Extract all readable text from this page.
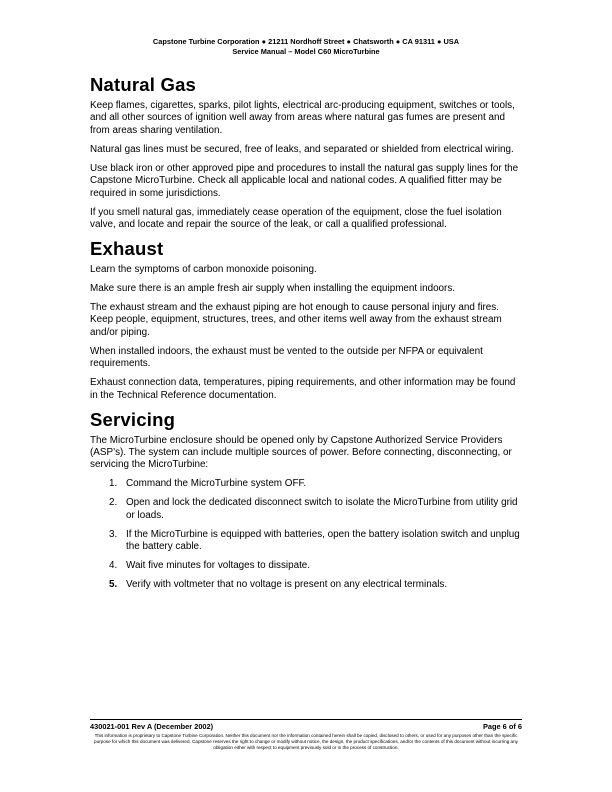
Capstone Turbine Corporation ● 21211 Nordhoff Street ● Chatsworth ● CA 91311 ● USA
Service Manual – Model C60 MicroTurbine
Natural Gas

Keep flames, cigarettes, sparks, pilot lights, electrical arc-producing equipment, switches or tools, and all other sources of ignition well away from areas where natural gas fumes are present and from areas sharing ventilation.

Natural gas lines must be secured, free of leaks, and separated or shielded from electrical wiring.

Use black iron or other approved pipe and procedures to install the natural gas supply lines for the Capstone MicroTurbine. Check all applicable local and national codes. A qualified fitter may be required in some jurisdictions.

If you smell natural gas, immediately cease operation of the equipment, close the fuel isolation valve, and locate and repair the source of the leak, or call a qualified professional.

Exhaust

Learn the symptoms of carbon monoxide poisoning.

Make sure there is an ample fresh air supply when installing the equipment indoors.

The exhaust stream and the exhaust piping are hot enough to cause personal injury and fires. Keep people, equipment, structures, trees, and other items well away from the exhaust stream and/or piping.

When installed indoors, the exhaust must be vented to the outside per NFPA or equivalent requirements.

Exhaust connection data, temperatures, piping requirements, and other information may be found in the Technical Reference documentation.

Servicing

The MicroTurbine enclosure should be opened only by Capstone Authorized Service Providers (ASP’s). The system can include multiple sources of power. Before connecting, disconnecting, or servicing the MicroTurbine:

1. Command the MicroTurbine system OFF.
2. Open and lock the dedicated disconnect switch to isolate the MicroTurbine from utility grid or loads.
3. If the MicroTurbine is equipped with batteries, open the battery isolation switch and unplug the battery cable.
4. Wait five minutes for voltages to dissipate.
5. Verify with voltmeter that no voltage is present on any electrical terminals.
430021-001 Rev A (December 2002)	Page 6 of 6
This information is proprietary to Capstone Turbine Corporation. Neither this document nor the information contained herein shall be copied, disclosed to others, or used for any purposes other than the specific purpose for which this document was delivered. Capstone reserves the right to change or modify without notice, the design, the product specifications, and/or the contents of this document without incurring any obligation either with respect to equipment previously sold or in the process of construction.
